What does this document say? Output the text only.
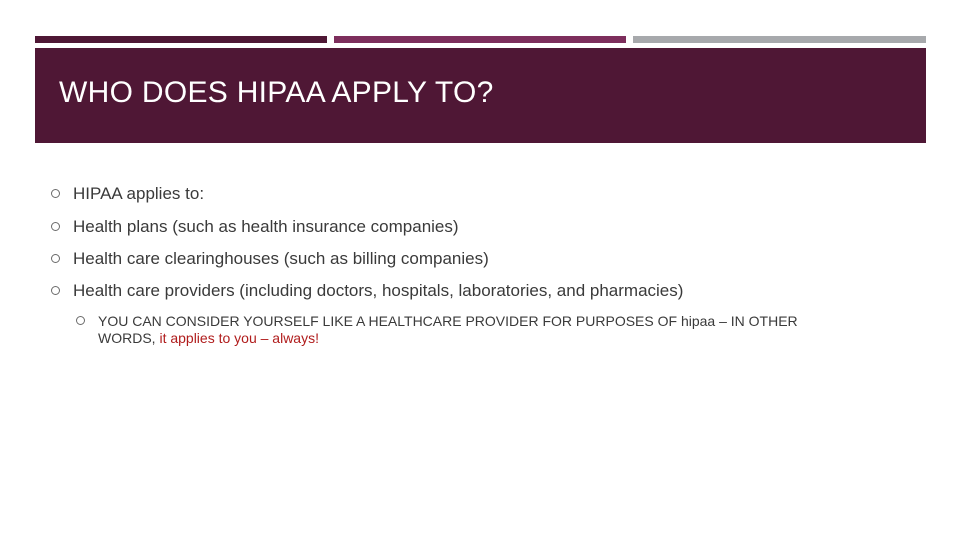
WHO DOES HIPAA APPLY TO?
HIPAA applies to:
Health plans (such as health insurance companies)
Health care clearinghouses (such as billing companies)
Health care providers (including doctors, hospitals, laboratories, and pharmacies)
YOU CAN CONSIDER YOURSELF LIKE A HEALTHCARE PROVIDER FOR PURPOSES OF hipaa – IN OTHER WORDS, it applies to you – always!
